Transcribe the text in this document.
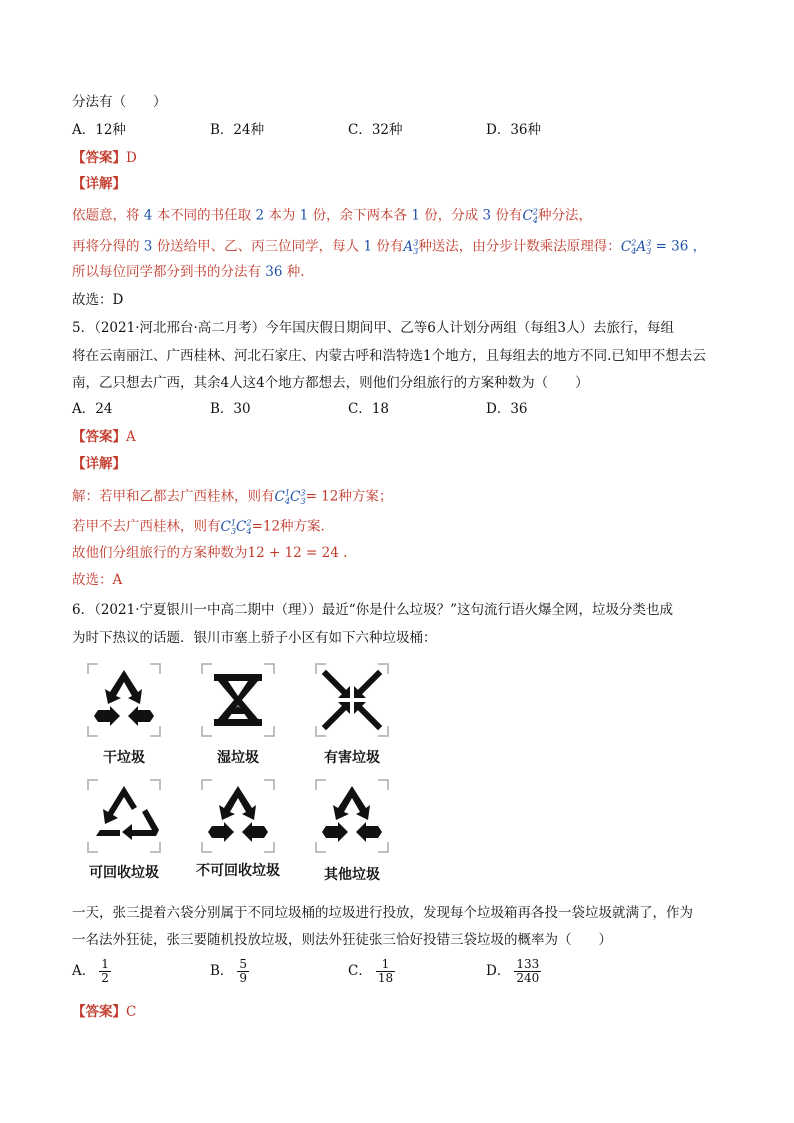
分法有（　　）
A．12种	B．24种	C．32种	D．36种
【答案】D
【详解】
依题意，将 4 本不同的书任取 2 本为 1 份，余下两本各 1 份，分成 3 份有$C^2_4$种分法，
再将分得的 3 份送给甲、乙、丙三位同学，每人 1 份有$A^3_3$种送法，由分步计数乘法原理得：$C^2_4A^3_3 = 36$ ，
所以每位同学都分到书的分法有 36 种.
故选：D
5．（2021·河北邢台·高二月考）今年国庆假日期间甲、乙等6人计划分两组（每组3人）去旅行，每组
将在云南丽江、广西桂林、河北石家庄、内蒙古呼和浩特选1个地方，且每组去的地方不同.已知甲不想去云
南，乙只想去广西，其余4人这4个地方都想去，则他们分组旅行的方案种数为（　　）
A．24	B．30	C．18	D．36
【答案】A
【详解】
解：若甲和乙都去广西桂林，则有$C^1_4C^3_3= 12$种方案；
若甲不去广西桂林，则有$C^1_3C^2_4=12$种方案.
故他们分组旅行的方案种数为12 + 12 = 24 .
故选：A
6．（2021·宁夏银川一中高二期中（理））最近“你是什么垃圾？”这句流行语火爆全网，垃圾分类也成
为时下热议的话题．银川市塞上骄子小区有如下六种垃圾桶：
干垃圾	湿垃圾	有害垃圾
可回收垃圾	不可回收垃圾	其他垃圾
一天，张三提着六袋分别属于不同垃圾桶的垃圾进行投放，发现每个垃圾箱再各投一袋垃圾就满了，作为
一名法外狂徒，张三要随机投放垃圾，则法外狂徒张三恰好投错三袋垃圾的概率为（　　）
A． $\frac{1}{2}$	B． $\frac{5}{9}$	C． $\frac{1}{18}$	D． $\frac{133}{240}$
【答案】C
